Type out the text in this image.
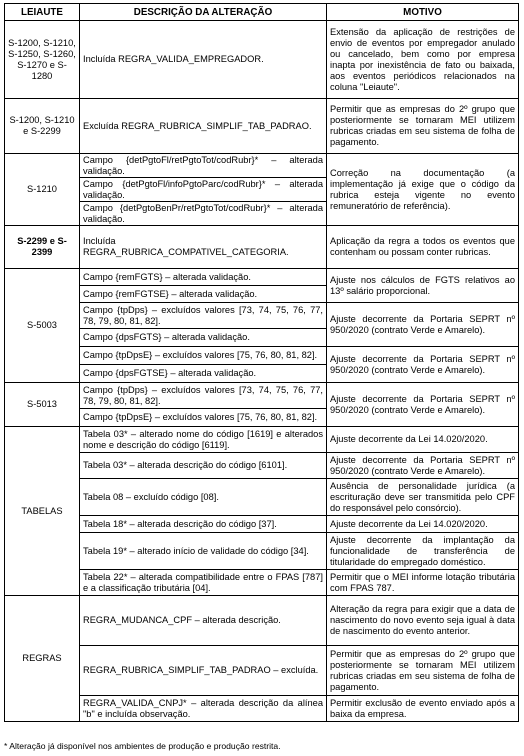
LEIAUTE	DESCRIÇÃO DA ALTERAÇÃO	MOTIVO
S-1200, S-1210, S-1250, S-1260, S-1270 e S-1280	Incluída REGRA_VALIDA_EMPREGADOR.	Extensão da aplicação de restrições de envio de eventos por empregador anulado ou cancelado, bem como por empresa inapta por inexistência de fato ou baixada, aos eventos periódicos relacionados na coluna "Leiaute".
S-1200, S-1210 e S-2299	Excluída REGRA_RUBRICA_SIMPLIF_TAB_PADRAO.	Permitir que as empresas do 2º grupo que posteriormente se tornaram MEI utilizem rubricas criadas em seu sistema de folha de pagamento.
S-1210	Campo {detPgtoFl/retPgtoTot/codRubr}* – alterada validação.	Correção na documentação (a implementação já exige que o código da rubrica esteja vigente no evento remuneratório de referência).
	Campo {detPgtoFl/infoPgtoParc/codRubr}* – alterada validação.	
	Campo {detPgtoBenPr/retPgtoTot/codRubr}* – alterada validação.	
S-2299 e S-2399	Incluída REGRA_RUBRICA_COMPATIVEL_CATEGORIA.	Aplicação da regra a todos os eventos que contenham ou possam conter rubricas.
S-5003	Campo {remFGTS} – alterada validação.	Ajuste nos cálculos de FGTS relativos ao 13º salário proporcional.
	Campo {remFGTSE} – alterada validação.	
	Campo {tpDps} – excluídos valores [73, 74, 75, 76, 77, 78, 79, 80, 81, 82].	Ajuste decorrente da Portaria SEPRT nº 950/2020 (contrato Verde e Amarelo).
	Campo {dpsFGTS} – alterada validação.	
	Campo {tpDpsE} – excluídos valores [75, 76, 80, 81, 82].	Ajuste decorrente da Portaria SEPRT nº 950/2020 (contrato Verde e Amarelo).
	Campo {dpsFGTSE} – alterada validação.	
S-5013	Campo {tpDps} – excluídos valores [73, 74, 75, 76, 77, 78, 79, 80, 81, 82].	Ajuste decorrente da Portaria SEPRT nº 950/2020 (contrato Verde e Amarelo).
	Campo {tpDpsE} – excluídos valores [75, 76, 80, 81, 82].	
TABELAS	Tabela 03* – alterado nome do código [1619] e alterados nome e descrição do código [6119].	Ajuste decorrente da Lei 14.020/2020.
	Tabela 03* – alterada descrição do código [6101].	Ajuste decorrente da Portaria SEPRT nº 950/2020 (contrato Verde e Amarelo).
	Tabela 08 – excluído código [08].	Ausência de personalidade jurídica (a escrituração deve ser transmitida pelo CPF do responsável pelo consórcio).
	Tabela 18* – alterada descrição do código [37].	Ajuste decorrente da Lei 14.020/2020.
	Tabela 19* – alterado início de validade do código [34].	Ajuste decorrente da implantação da funcionalidade de transferência de titularidade do empregado doméstico.
	Tabela 22* – alterada compatibilidade entre o FPAS [787] e a classificação tributária [04].	Permitir que o MEI informe lotação tributária com FPAS 787.
REGRAS	REGRA_MUDANCA_CPF – alterada descrição.	Alteração da regra para exigir que a data de nascimento do novo evento seja igual à data de nascimento do evento anterior.
	REGRA_RUBRICA_SIMPLIF_TAB_PADRAO – excluída.	Permitir que as empresas do 2º grupo que posteriormente se tornaram MEI utilizem rubricas criadas em seu sistema de folha de pagamento.
	REGRA_VALIDA_CNPJ* – alterada descrição da alínea "b" e incluída observação.	Permitir exclusão de evento enviado após a baixa da empresa.
* Alteração já disponível nos ambientes de produção e produção restrita.
